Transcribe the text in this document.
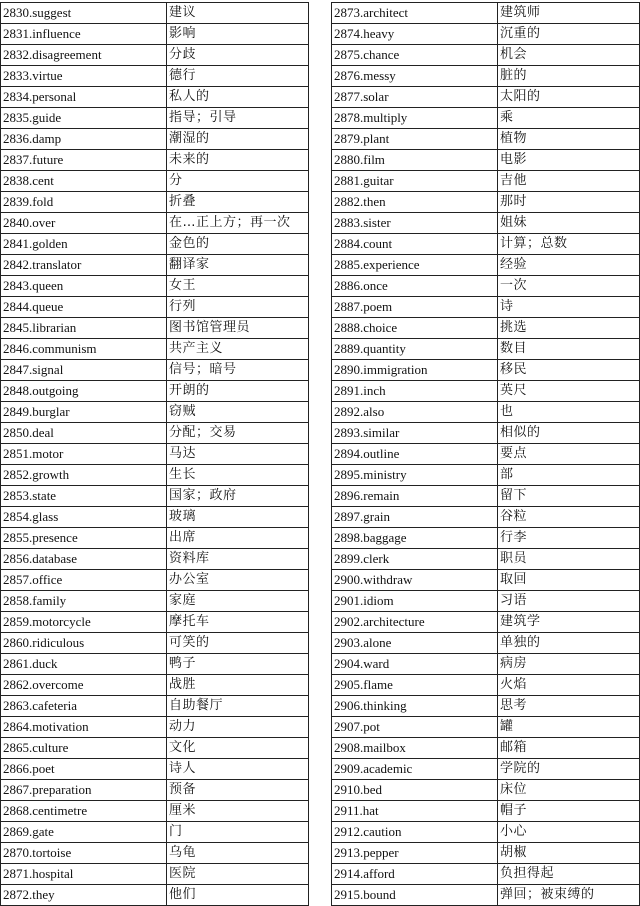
2830.suggest	建议
2831.influence	影响
2832.disagreement	分歧
2833.virtue	德行
2834.personal	私人的
2835.guide	指导；引导
2836.damp	潮湿的
2837.future	未来的
2838.cent	分
2839.fold	折叠
2840.over	在…正上方；再一次
2841.golden	金色的
2842.translator	翻译家
2843.queen	女王
2844.queue	行列
2845.librarian	图书馆管理员
2846.communism	共产主义
2847.signal	信号；暗号
2848.outgoing	开朗的
2849.burglar	窃贼
2850.deal	分配；交易
2851.motor	马达
2852.growth	生长
2853.state	国家；政府
2854.glass	玻璃
2855.presence	出席
2856.database	资料库
2857.office	办公室
2858.family	家庭
2859.motorcycle	摩托车
2860.ridiculous	可笑的
2861.duck	鸭子
2862.overcome	战胜
2863.cafeteria	自助餐厅
2864.motivation	动力
2865.culture	文化
2866.poet	诗人
2867.preparation	预备
2868.centimetre	厘米
2869.gate	门
2870.tortoise	乌龟
2871.hospital	医院
2872.they	他们
2873.architect	建筑师
2874.heavy	沉重的
2875.chance	机会
2876.messy	脏的
2877.solar	太阳的
2878.multiply	乘
2879.plant	植物
2880.film	电影
2881.guitar	吉他
2882.then	那时
2883.sister	姐妹
2884.count	计算；总数
2885.experience	经验
2886.once	一次
2887.poem	诗
2888.choice	挑选
2889.quantity	数目
2890.immigration	移民
2891.inch	英尺
2892.also	也
2893.similar	相似的
2894.outline	要点
2895.ministry	部
2896.remain	留下
2897.grain	谷粒
2898.baggage	行李
2899.clerk	职员
2900.withdraw	取回
2901.idiom	习语
2902.architecture	建筑学
2903.alone	单独的
2904.ward	病房
2905.flame	火焰
2906.thinking	思考
2907.pot	罐
2908.mailbox	邮箱
2909.academic	学院的
2910.bed	床位
2911.hat	帽子
2912.caution	小心
2913.pepper	胡椒
2914.afford	负担得起
2915.bound	弹回；被束缚的
